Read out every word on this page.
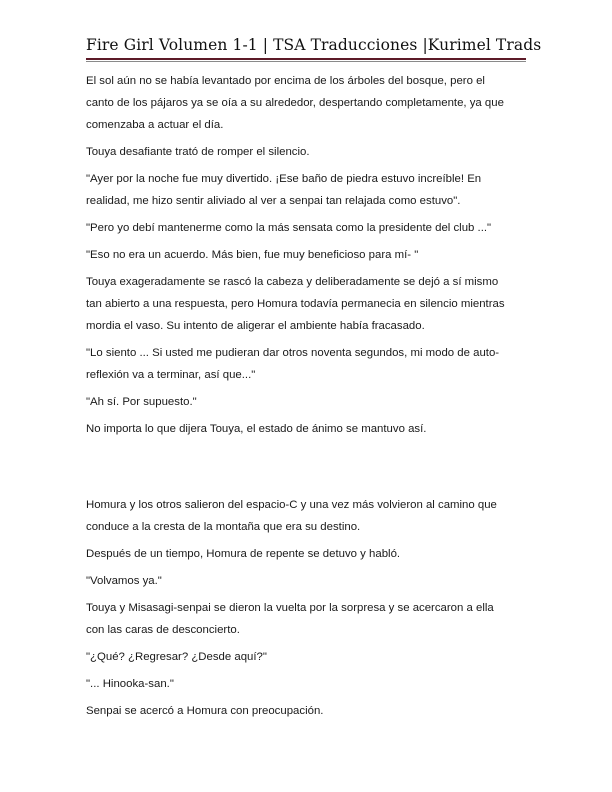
Fire Girl Volumen 1-1 | TSA Traducciones |Kurimel Trads

El sol aún no se había levantado por encima de los árboles del bosque, pero el
canto de los pájaros ya se oía a su alrededor, despertando completamente, ya que
comenzaba a actuar el día.

Touya desafiante trató de romper el silencio.

"Ayer por la noche fue muy divertido. ¡Ese baño de piedra estuvo increíble! En
realidad, me hizo sentir aliviado al ver a senpai tan relajada como estuvo".

"Pero yo debí mantenerme como la más sensata como la presidente del club ..."

"Eso no era un acuerdo. Más bien, fue muy beneficioso para mí- "

Touya exageradamente se rascó la cabeza y deliberadamente se dejó a sí mismo
tan abierto a una respuesta, pero Homura todavía permanecia en silencio mientras
mordia el vaso. Su intento de aligerar el ambiente había fracasado.

"Lo siento ... Si usted me pudieran dar otros noventa segundos, mi modo de auto-
reflexión va a terminar, así que..."

"Ah sí. Por supuesto."

No importa lo que dijera Touya, el estado de ánimo se mantuvo así.

Homura y los otros salieron del espacio-C y una vez más volvieron al camino que
conduce a la cresta de la montaña que era su destino.

Después de un tiempo, Homura de repente se detuvo y habló.

"Volvamos ya."

Touya y Misasagi-senpai se dieron la vuelta por la sorpresa y se acercaron a ella
con las caras de desconcierto.

"¿Qué? ¿Regresar? ¿Desde aquí?"

"... Hinooka-san."

Senpai se acercó a Homura con preocupación.
